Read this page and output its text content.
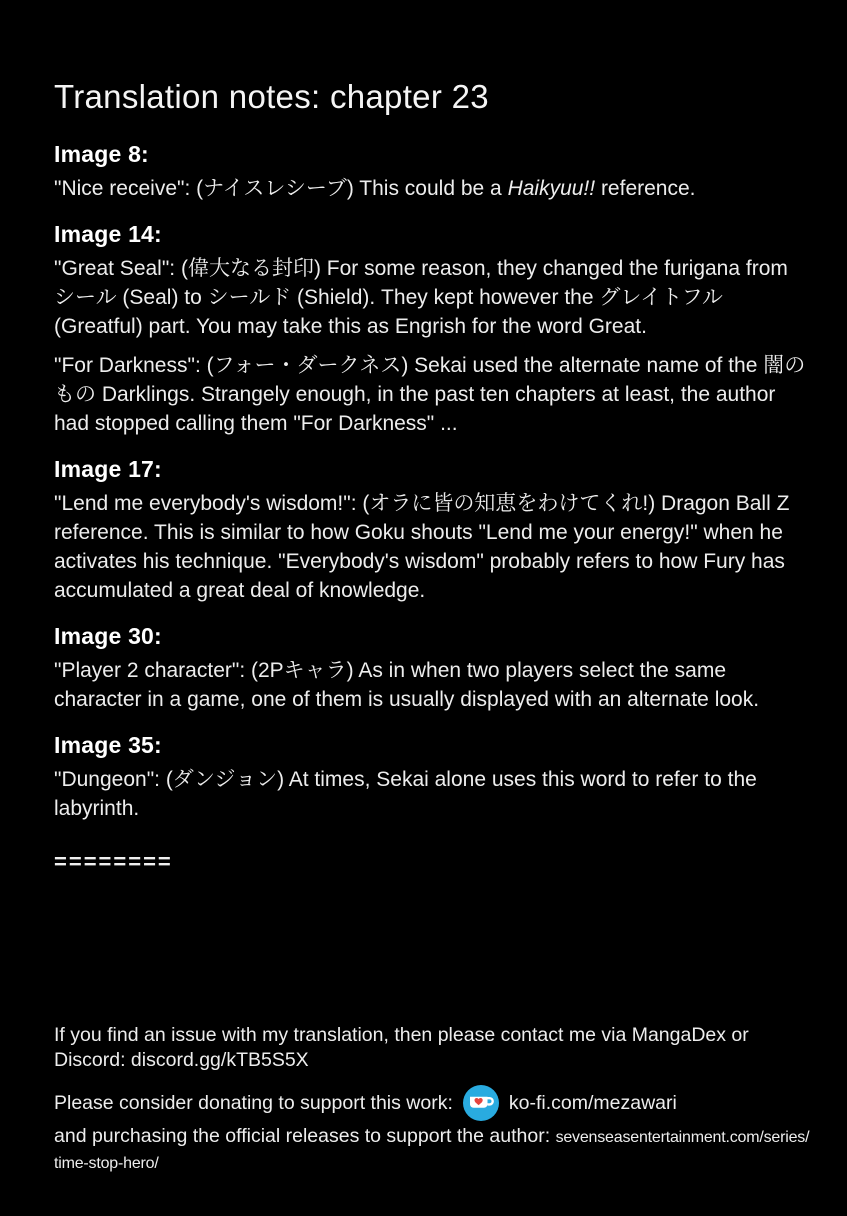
Translation notes: chapter 23
Image 8:

"Nice receive": (ナイスレシーブ) This could be a Haikyuu!! reference.

Image 14:

"Great Seal": (偉大なる封印) For some reason, they changed the furigana from シール (Seal) to シールド (Shield). They kept however the グレイトフル (Greatful) part. You may take this as Engrish for the word Great.

"For Darkness": (フォー・ダークネス) Sekai used the alternate name of the 闇のもの Darklings. Strangely enough, in the past ten chapters at least, the author had stopped calling them "For Darkness" ...

Image 17:

"Lend me everybody's wisdom!": (オラに皆の知恵をわけてくれ!) Dragon Ball Z reference. This is similar to how Goku shouts "Lend me your energy!" when he activates his technique. "Everybody's wisdom" probably refers to how Fury has accumulated a great deal of knowledge.

Image 30:

"Player 2 character": (2Pキャラ) As in when two players select the same character in a game, one of them is usually displayed with an alternate look.

Image 35:

"Dungeon": (ダンジョン) At times, Sekai alone uses this word to refer to the labyrinth.

========

If you find an issue with my translation, then please contact me via MangaDex or Discord: discord.gg/kTB5S5X

Please consider donating to support this work:	ko-fi.com/mezawari

and purchasing the official releases to support the author: sevenseasentertainment.com/series/
time-stop-hero/
